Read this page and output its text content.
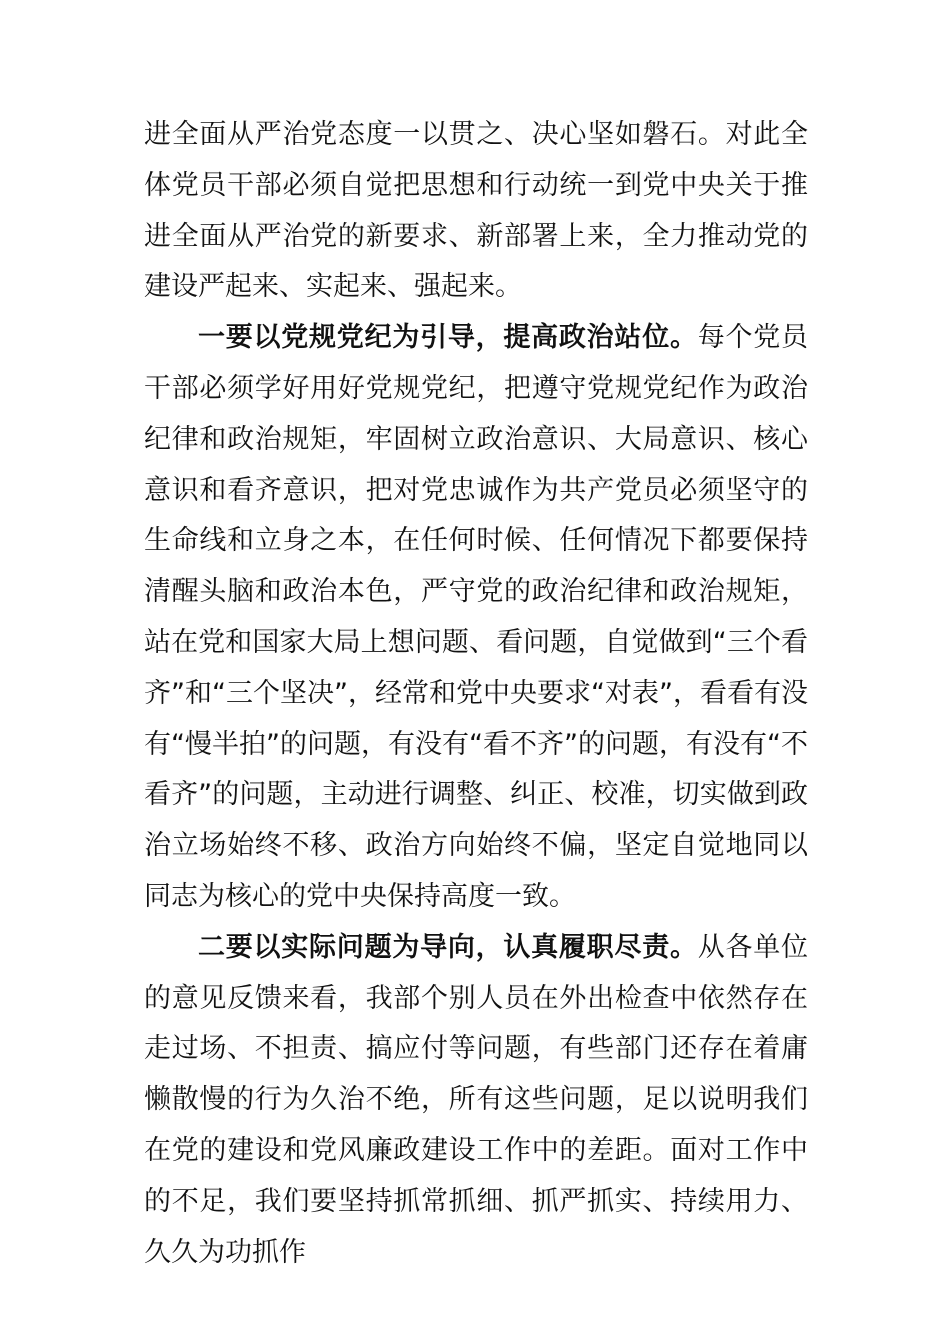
进全面从严治党态度一以贯之、决心坚如磐石。对此全体党员干部必须自觉把思想和行动统一到党中央关于推进全面从严治党的新要求、新部署上来，全力推动党的建设严起来、实起来、强起来。

一要以党规党纪为引导，提高政治站位。每个党员干部必须学好用好党规党纪，把遵守党规党纪作为政治纪律和政治规矩，牢固树立政治意识、大局意识、核心意识和看齐意识，把对党忠诚作为共产党员必须坚守的生命线和立身之本，在任何时候、任何情况下都要保持清醒头脑和政治本色，严守党的政治纪律和政治规矩，站在党和国家大局上想问题、看问题，自觉做到“三个看齐”和“三个坚决”，经常和党中央要求“对表”，看看有没有“慢半拍”的问题，有没有“看不齐”的问题，有没有“不看齐”的问题，主动进行调整、纠正、校准，切实做到政治立场始终不移、政治方向始终不偏，坚定自觉地同以同志为核心的党中央保持高度一致。

二要以实际问题为导向，认真履职尽责。从各单位的意见反馈来看，我部个别人员在外出检查中依然存在走过场、不担责、搞应付等问题，有些部门还存在着庸懒散慢的行为久治不绝，所有这些问题，足以说明我们在党的建设和党风廉政建设工作中的差距。面对工作中的不足，我们要坚持抓常抓细、抓严抓实、持续用力、久久为功抓作
